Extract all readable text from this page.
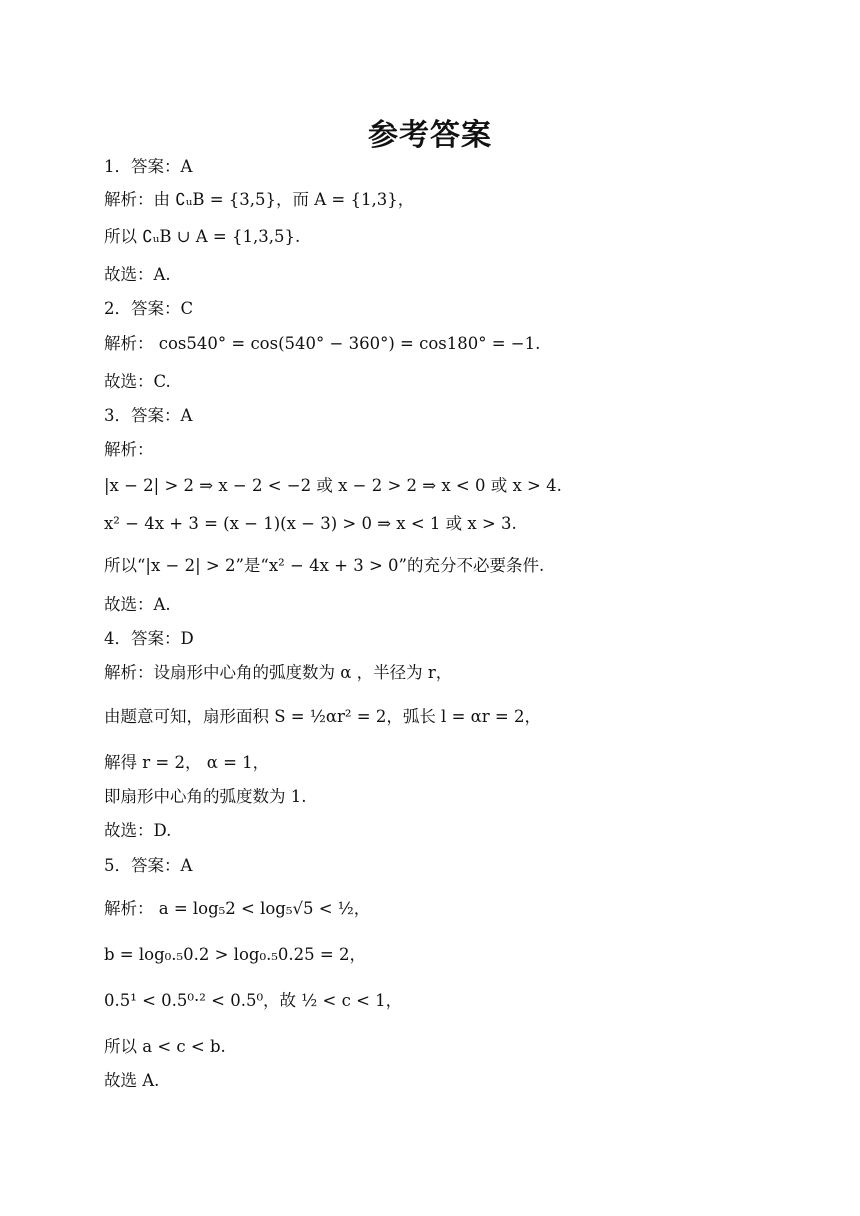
参考答案
1．答案：A
解析：由 ∁ᵤB = {3,5}，而 A = {1,3}，
所以 ∁ᵤB ∪ A = {1,3,5}.
故选：A.
2．答案：C
解析： cos540° = cos(540° − 360°) = cos180° = −1.
故选：C.
3．答案：A
解析：
|x − 2| > 2 ⇒ x − 2 < −2 或 x − 2 > 2 ⇒ x < 0 或 x > 4.
x² − 4x + 3 = (x − 1)(x − 3) > 0 ⇒ x < 1 或 x > 3.
所以“|x − 2| > 2”是“x² − 4x + 3 > 0”的充分不必要条件.
故选：A.
4．答案：D
解析：设扇形中心角的弧度数为 α ，半径为 r，
由题意可知，扇形面积 S = ½αr² = 2，弧长 l = αr = 2，
解得 r = 2， α = 1，
即扇形中心角的弧度数为 1.
故选：D.
5．答案：A
解析： a = log₅2 < log₅√5 < ½，
b = log₀.₅0.2 > log₀.₅0.25 = 2，
0.5¹ < 0.5⁰·² < 0.5⁰，故 ½ < c < 1，
所以 a < c < b.
故选 A.
